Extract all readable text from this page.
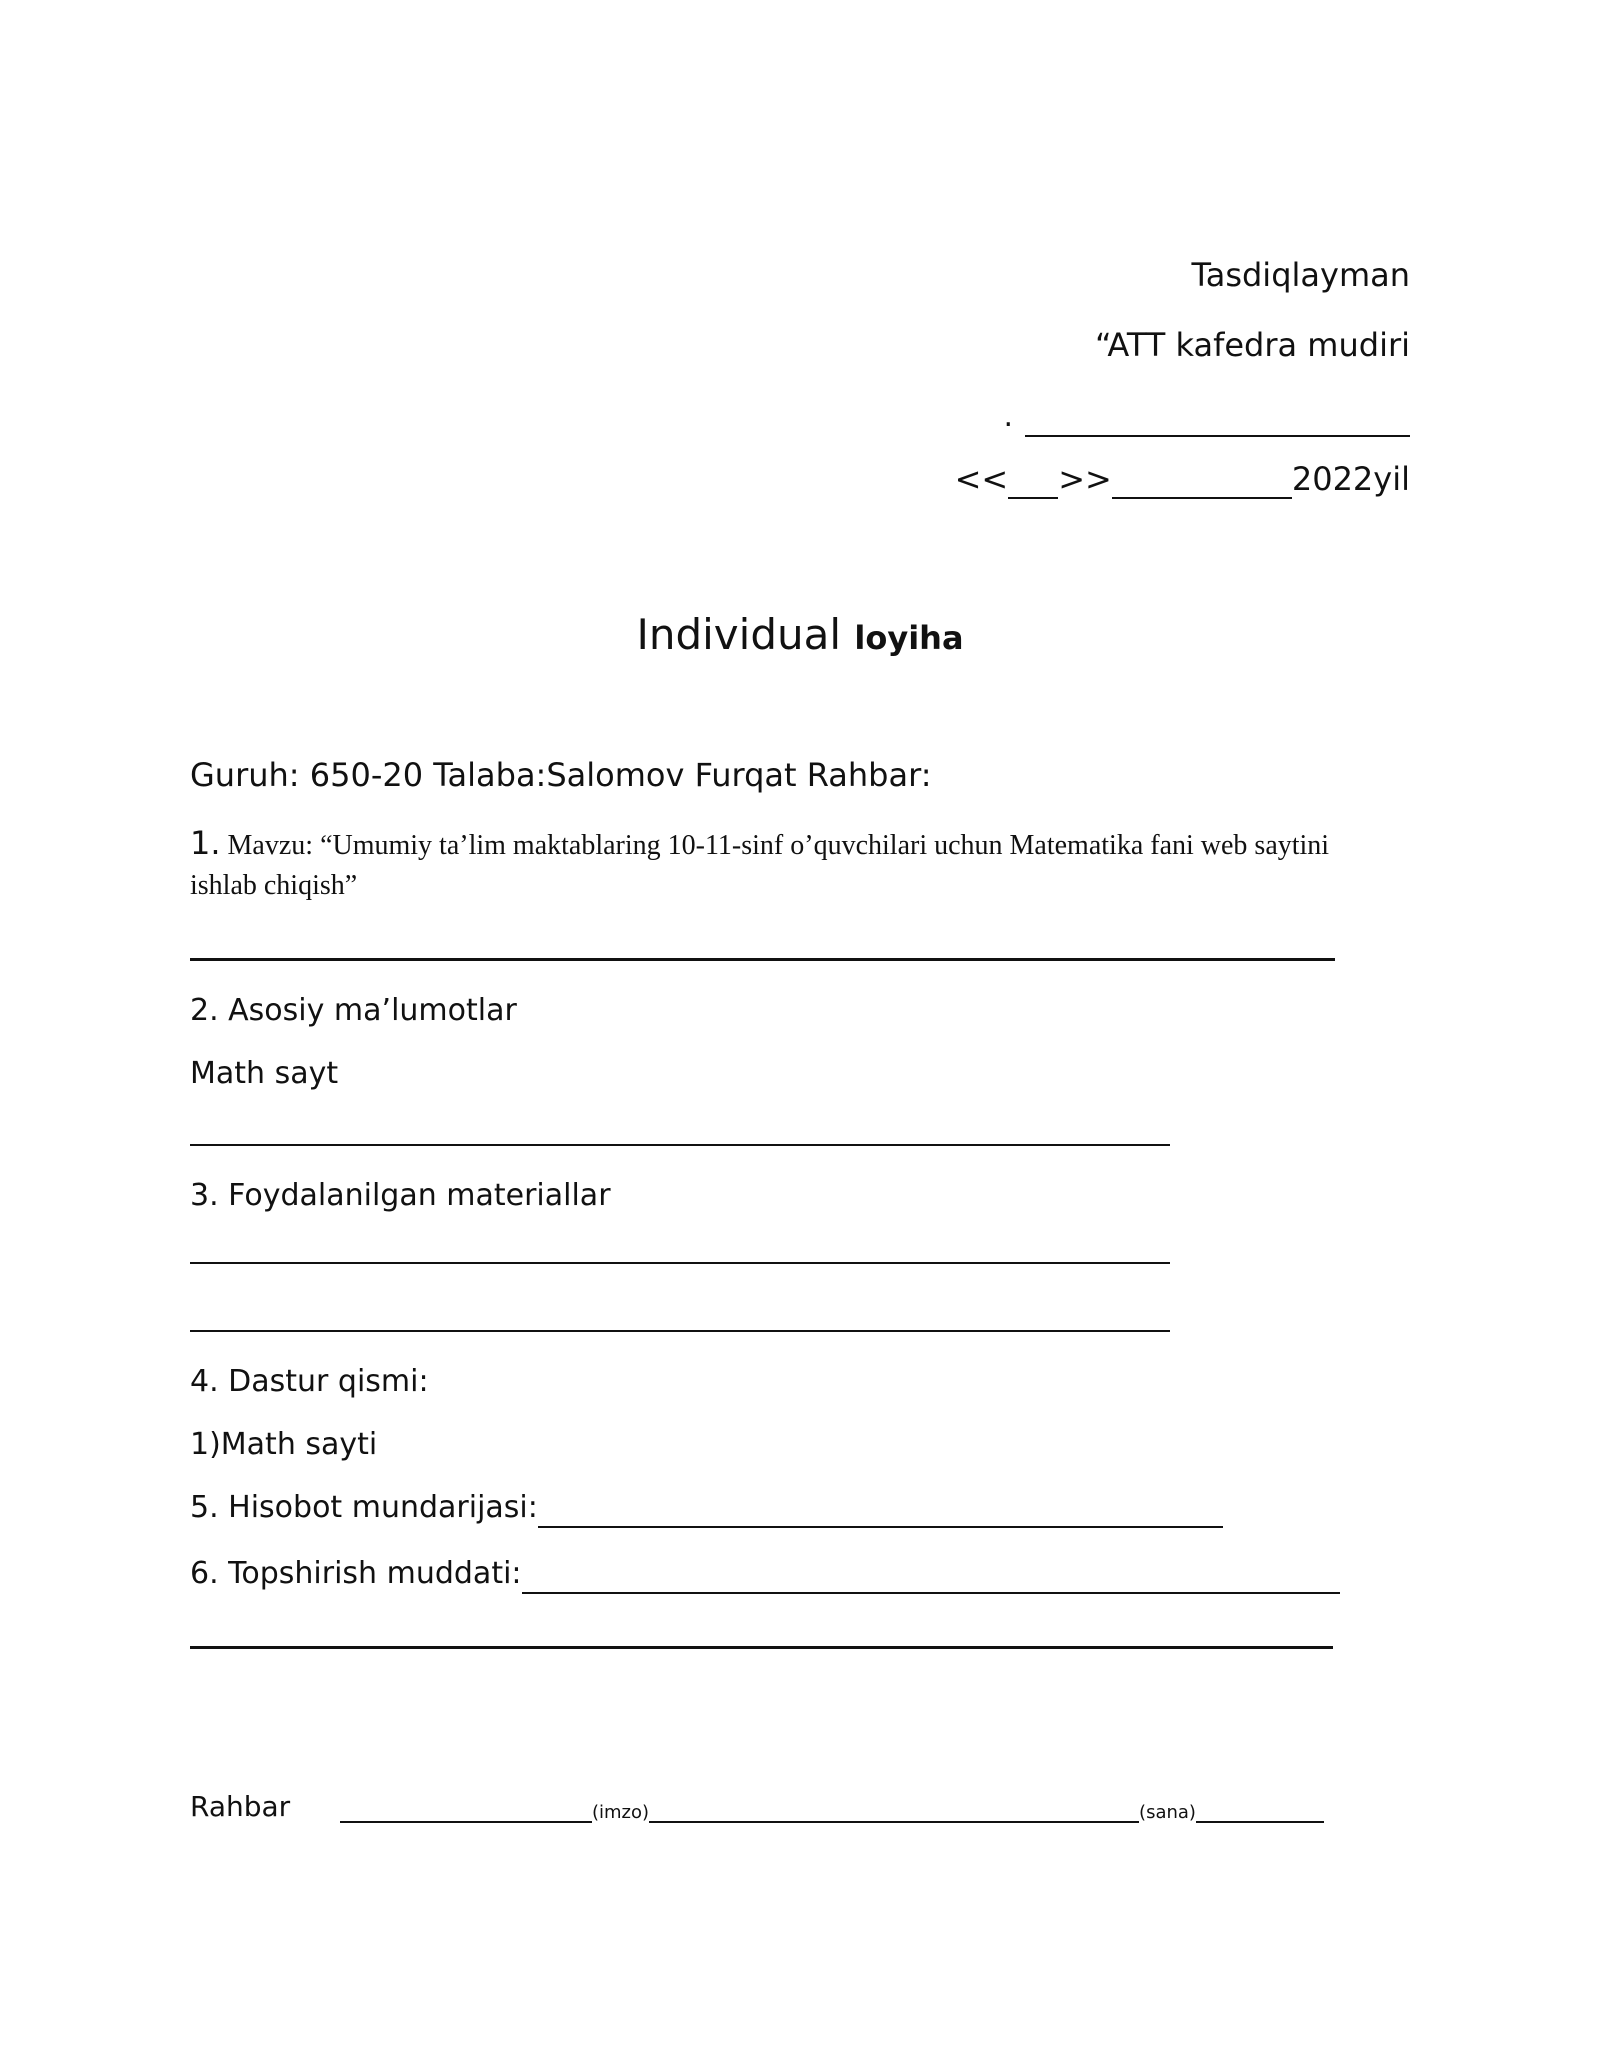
Tasdiqlayman

“ATT kafedra mudiri

.

<< >>	2022yil

Individual loyiha
Guruh: 650-20 Talaba:Salomov Furqat Rahbar:
1. Mavzu: “Umumiy ta’lim maktablaring 10-11-sinf o’quvchilari uchun Matematika fani web saytini ishlab chiqish”
2. Asosiy ma’lumotlar
Math sayt
3. Foydalanilgan materiallar
4. Dastur qismi:
1)Math sayti
5. Hisobot mundarijasi:
6. Topshirish muddati:
Rahbar	(imzo)	(sana)
